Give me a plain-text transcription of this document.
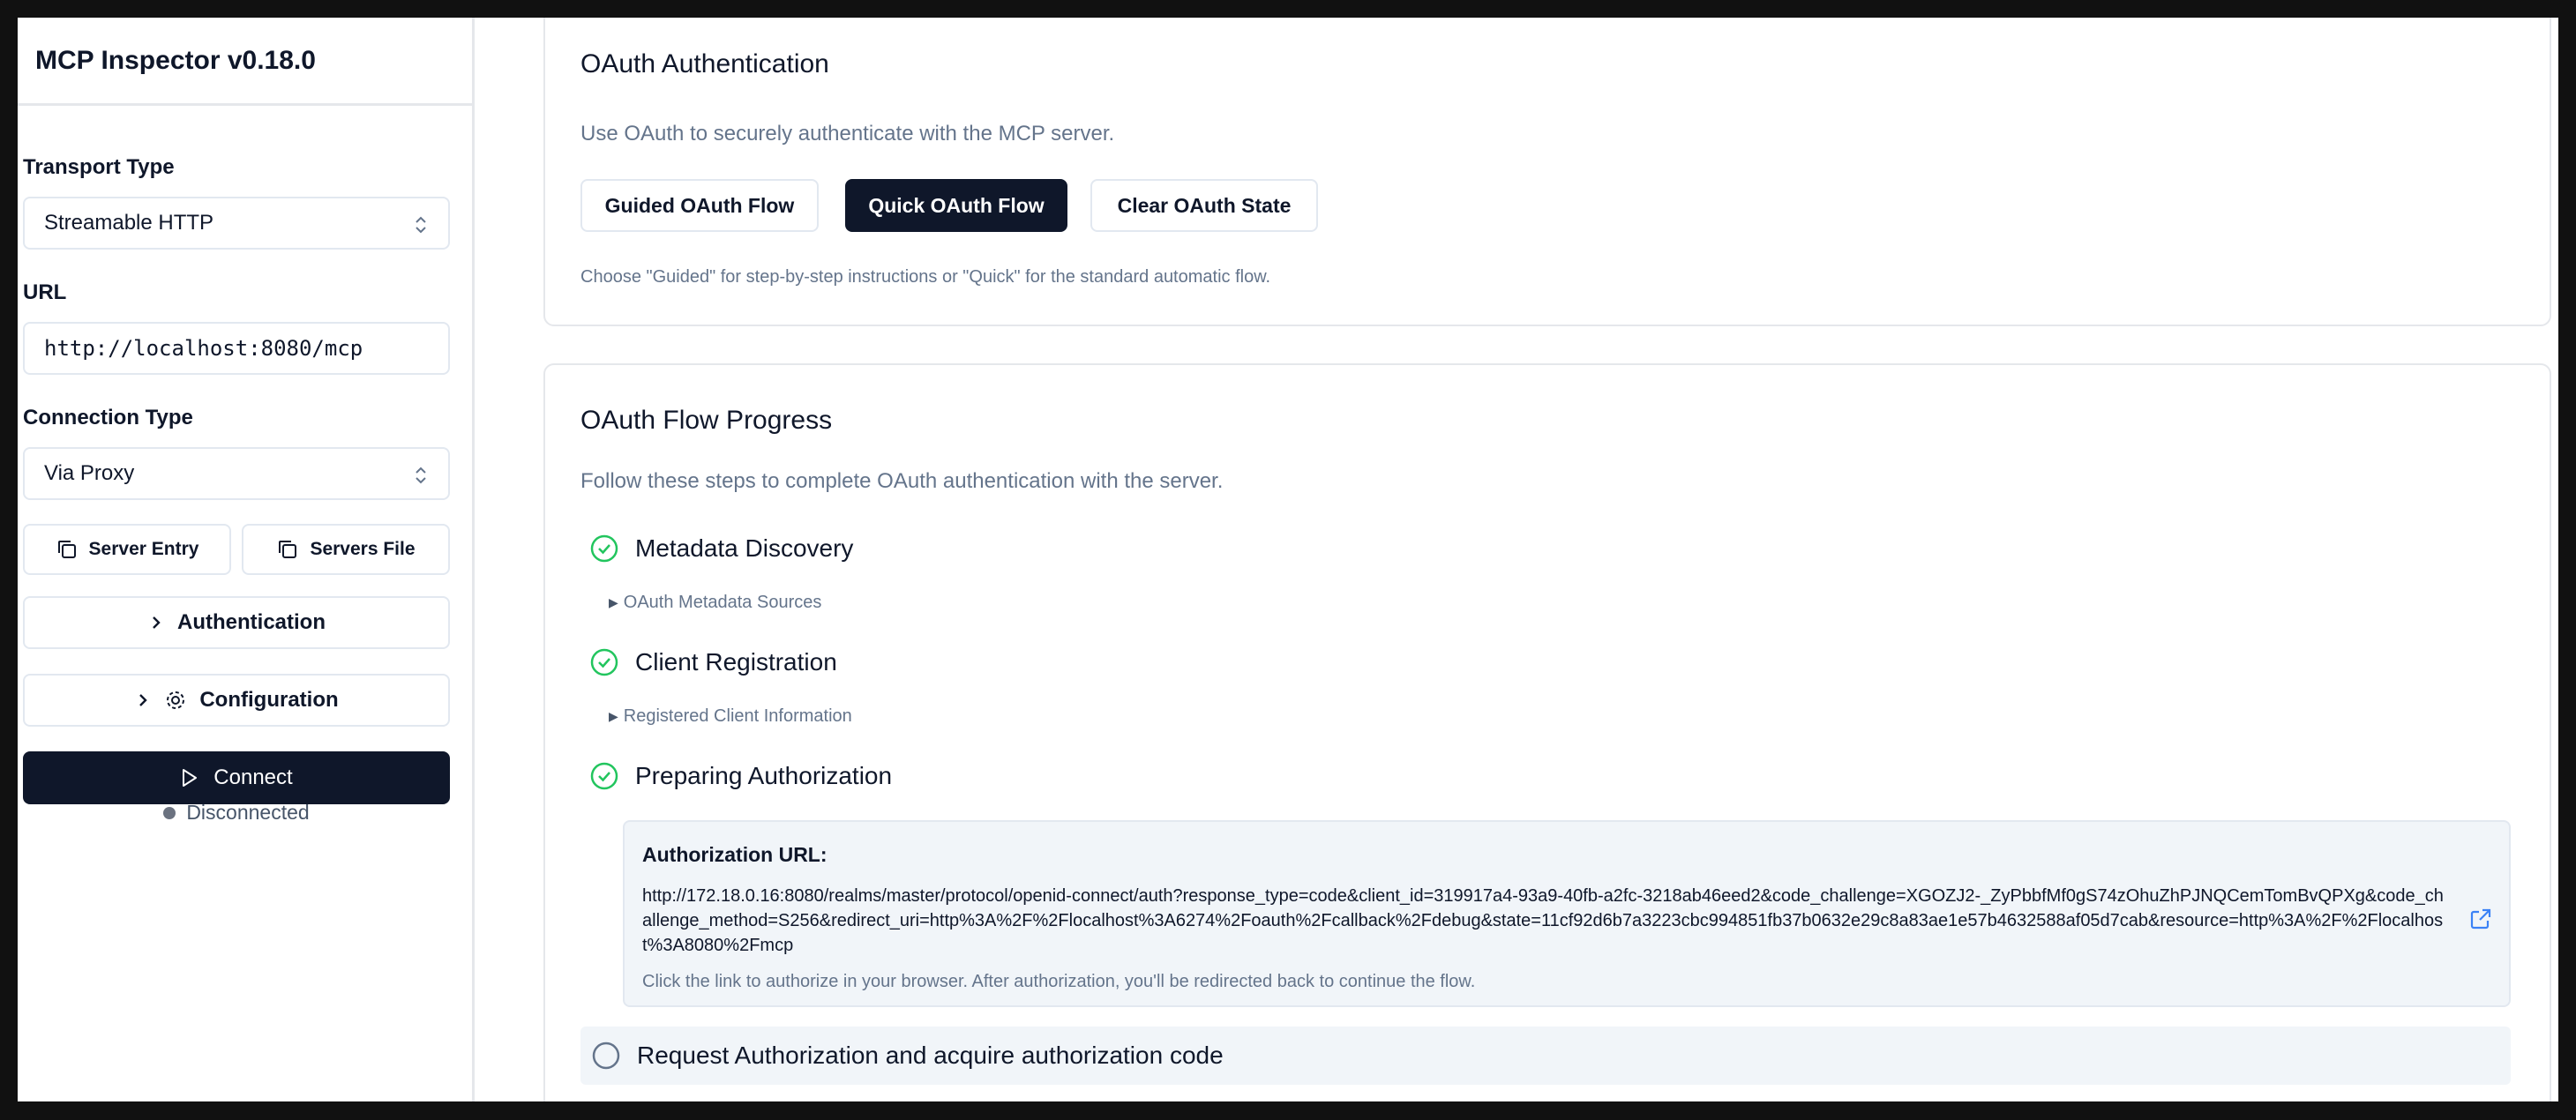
MCP Inspector v0.18.0
Transport Type
Streamable HTTP
URL
http://localhost:8080/mcp
Connection Type
Via Proxy
Server Entry	Servers File
Authentication
Configuration
Connect
Disconnected
OAuth Authentication
Use OAuth to securely authenticate with the MCP server.
Guided OAuth Flow	Quick OAuth Flow	Clear OAuth State
Choose "Guided" for step-by-step instructions or "Quick" for the standard automatic flow.
OAuth Flow Progress
Follow these steps to complete OAuth authentication with the server.
Metadata Discovery
▶ OAuth Metadata Sources
Client Registration
▶ Registered Client Information
Preparing Authorization
Authorization URL:
http://172.18.0.16:8080/realms/master/protocol/openid-connect/auth?response_type=code&client_id=319917a4-93a9-40fb-a2fc-3218ab46eed2&code_challenge=XGOZJ2-_ZyPbbfMf0gS74zOhuZhPJNQCemTomBvQPXg&code_challenge_method=S256&redirect_uri=http%3A%2F%2Flocalhost%3A6274%2Foauth%2Fcallback%2Fdebug&state=11cf92d6b7a3223cbc994851fb37b0632e29c8a83ae1e57b4632588af05d7cab&resource=http%3A%2F%2Flocalhost%3A8080%2Fmcp
Click the link to authorize in your browser. After authorization, you'll be redirected back to continue the flow.
Request Authorization and acquire authorization code
